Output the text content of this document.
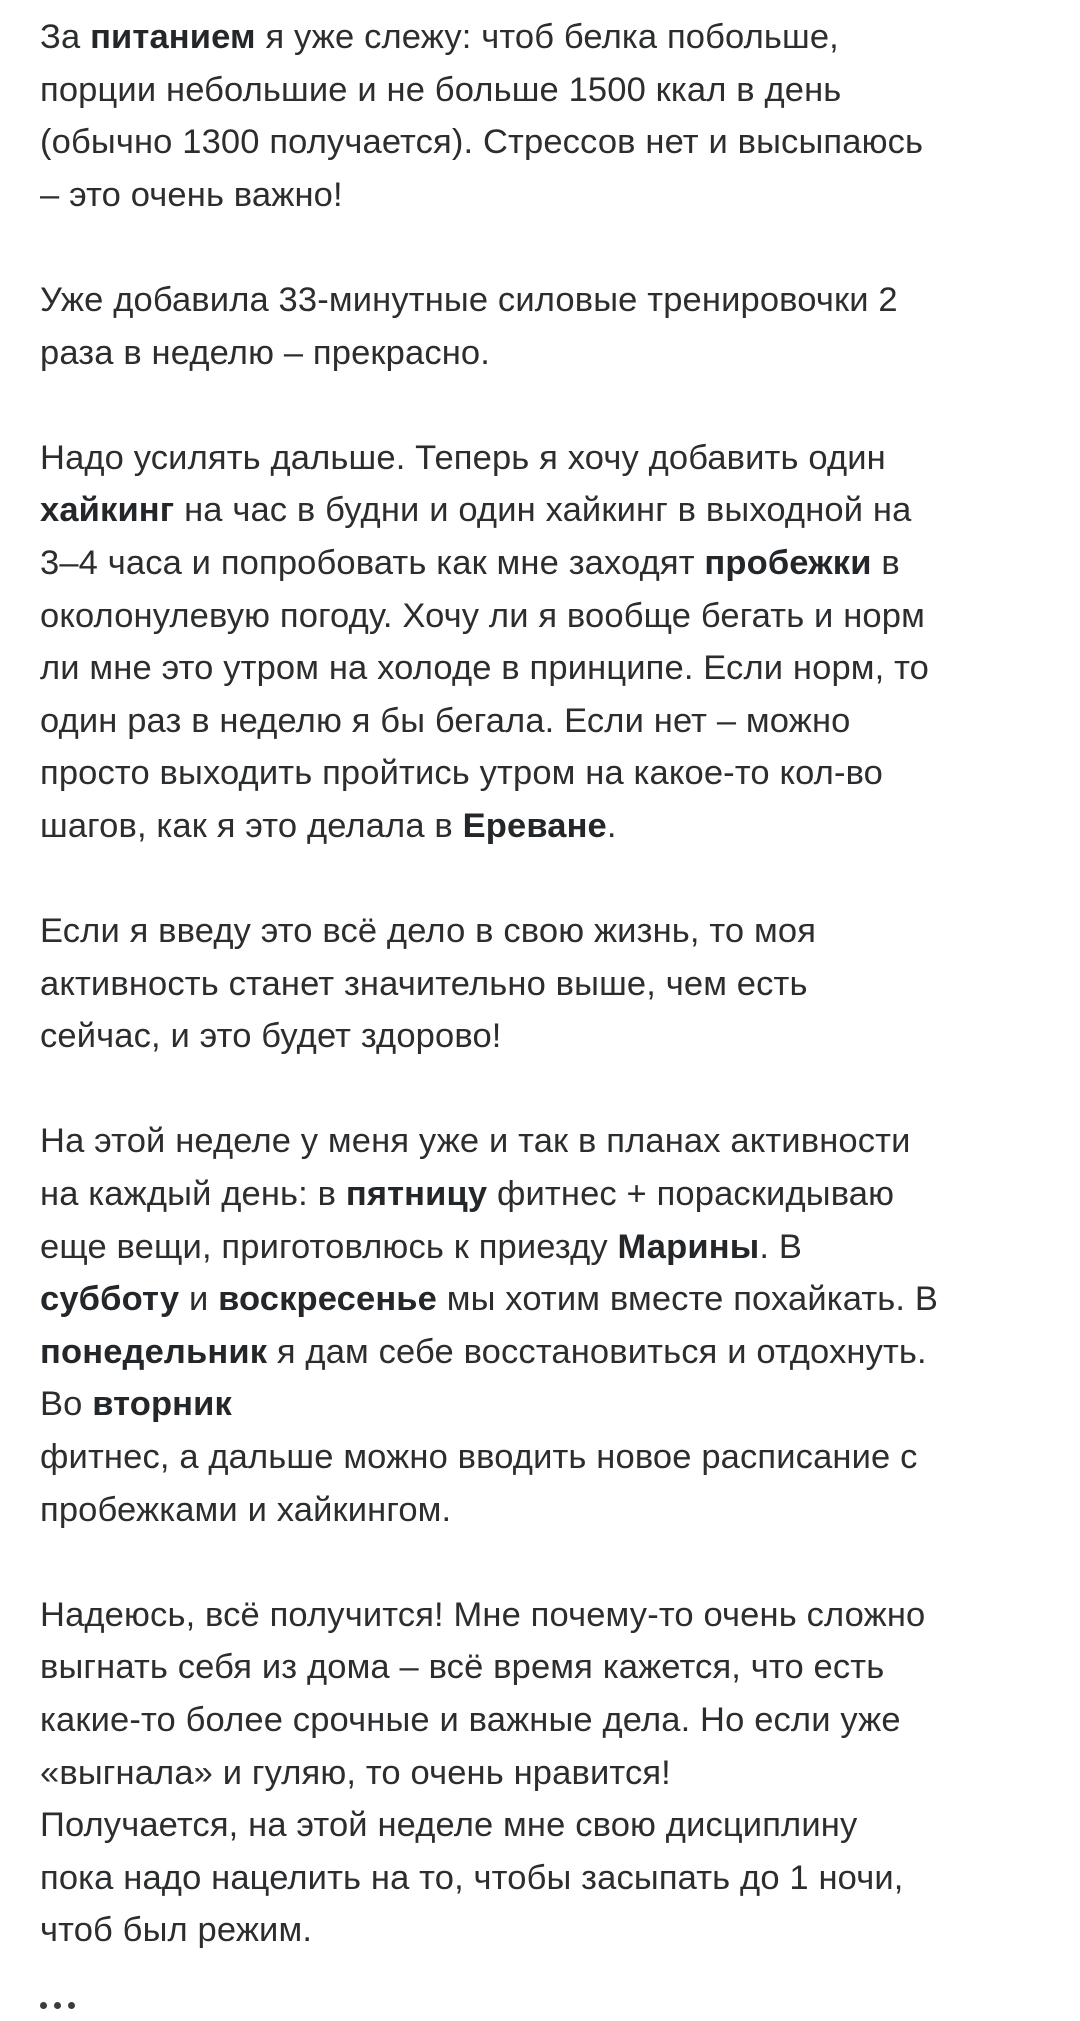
За питанием я уже слежу: чтоб белка побольше,
порции небольшие и не больше 1500 ккал в день
(обычно 1300 получается). Стрессов нет и высыпаюсь
– это очень важно!
Уже добавила 33-минутные силовые тренировочки 2
раза в неделю – прекрасно.
Надо усилять дальше. Теперь я хочу добавить один
хайкинг на час в будни и один хайкинг в выходной на
3–4 часа и попробовать как мне заходят пробежки в
околонулевую погоду. Хочу ли я вообще бегать и норм
ли мне это утром на холоде в принципе. Если норм, то
один раз в неделю я бы бегала. Если нет – можно
просто выходить пройтись утром на какое-то кол-во
шагов, как я это делала в Ереване.
Если я введу это всё дело в свою жизнь, то моя
активность станет значительно выше, чем есть
сейчас, и это будет здорово!
На этой неделе у меня уже и так в планах активности
на каждый день: в пятницу фитнес + пораскидываю
еще вещи, приготовлюсь к приезду Марины. В
субботу и воскресенье мы хотим вместе похайкать. В
понедельник я дам себе восстановиться и отдохнуть.
Во вторник
фитнес, а дальше можно вводить новое расписание с
пробежками и хайкингом.
Надеюсь, всё получится! Мне почему-то очень сложно
выгнать себя из дома – всё время кажется, что есть
какие-то более срочные и важные дела. Но если уже
«выгнала» и гуляю, то очень нравится!
Получается, на этой неделе мне свою дисциплину
пока надо нацелить на то, чтобы засыпать до 1 ночи,
чтоб был режим.
